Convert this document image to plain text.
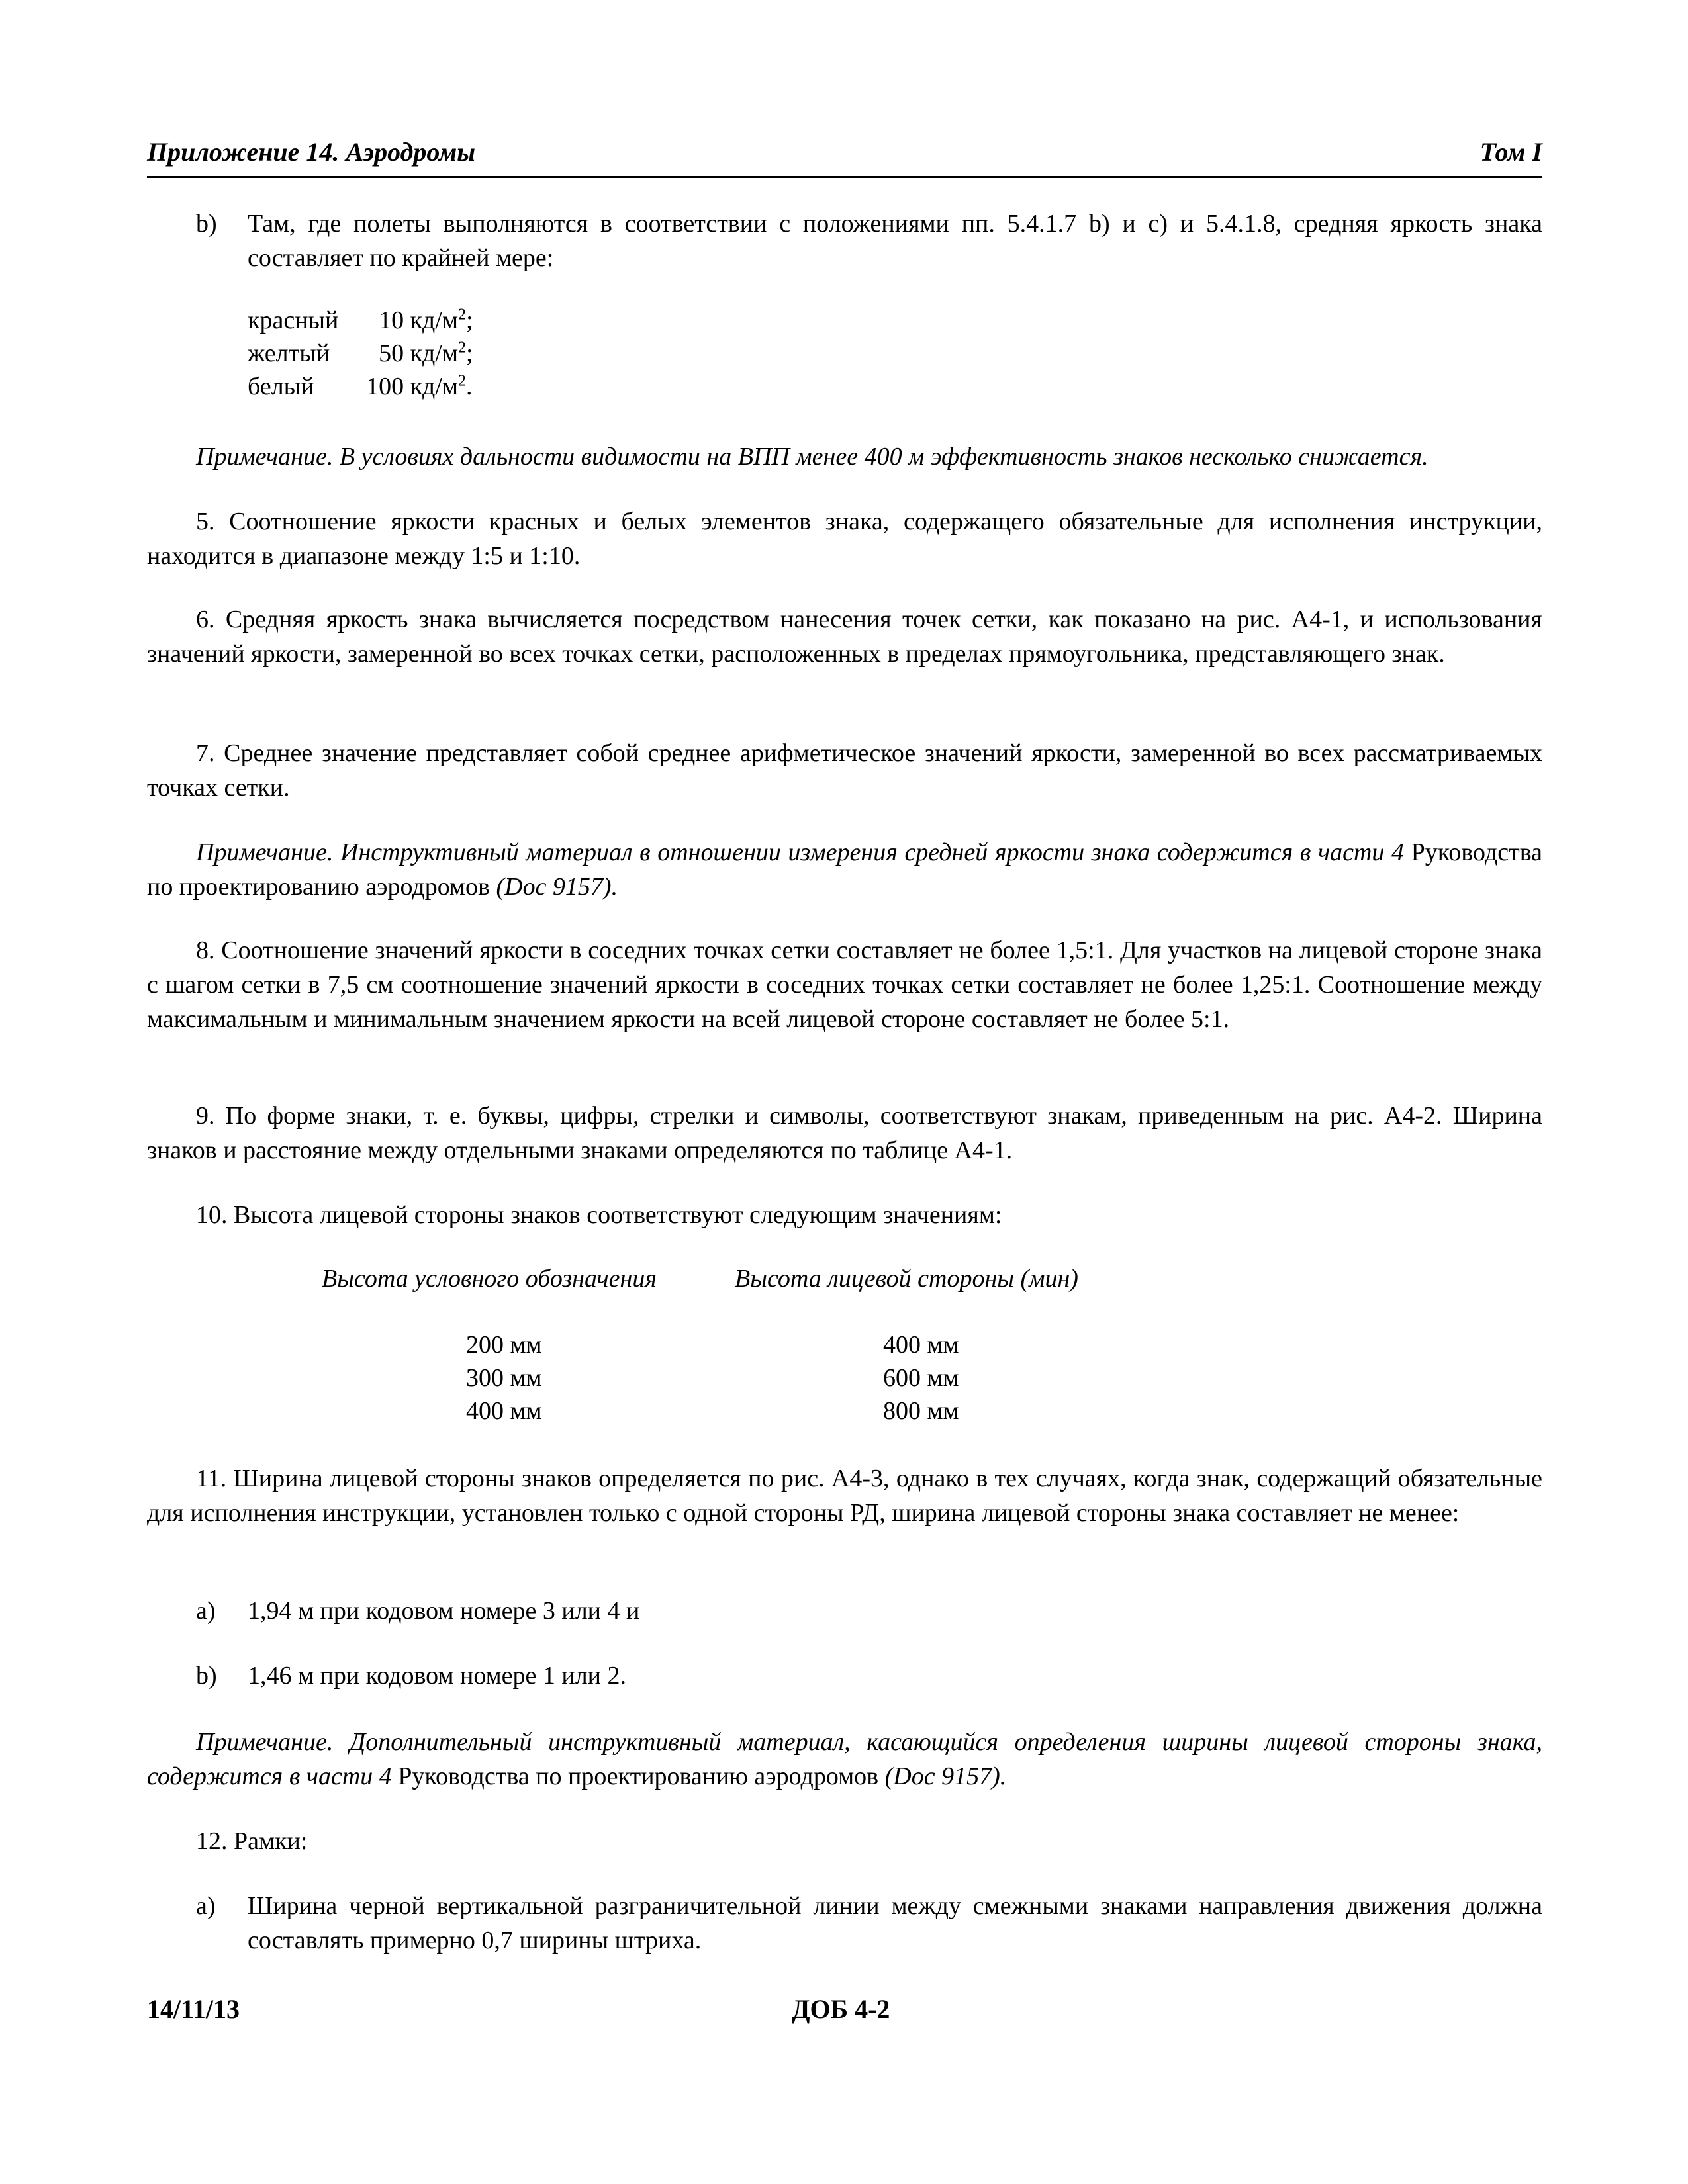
Приложение 14. Аэродромы	Том I
b) Там, где полеты выполняются в соответствии с положениями пп. 5.4.1.7 b) и c) и 5.4.1.8, средняя яркость знака составляет по крайней мере:
красный 10 $кд/м^2$ ;
желтый 50 $кд/м^2$ ;
белый 100 $кд/м^2$ .
Примечание. В условиях дальности видимости на ВПП менее 400 м эффективность знаков несколько снижается.
5. Соотношение яркости красных и белых элементов знака, содержащего обязательные для исполнения инструкции, находится в диапазоне между 1:5 и 1:10.
6. Средняя яркость знака вычисляется посредством нанесения точек сетки, как показано на рис. A4-1, и использования значений яркости, замеренной во всех точках сетки, расположенных в пределах прямоугольника, представляющего знак.
7. Среднее значение представляет собой среднее арифметическое значений яркости, замеренной во всех рассматриваемых точках сетки.
Примечание. Инструктивный материал в отношении измерения средней яркости знака содержится в части 4 Руководства по проектированию аэродромов (Doc 9157).
8. Соотношение значений яркости в соседних точках сетки составляет не более 1,5:1. Для участков на лицевой стороне знака с шагом сетки в 7,5 см соотношение значений яркости в соседних точках сетки составляет не более 1,25:1. Соотношение между максимальным и минимальным значением яркости на всей лицевой стороне составляет не более 5:1.
9. По форме знаки, т. е. буквы, цифры, стрелки и символы, соответствуют знакам, приведенным на рис. A4-2. Ширина знаков и расстояние между отдельными знаками определяются по таблице A4-1.
10. Высота лицевой стороны знаков соответствуют следующим значениям:
Высота условного обозначения	Высота лицевой стороны (мин)
200 мм	400 мм
300 мм	600 мм
400 мм	800 мм
11. Ширина лицевой стороны знаков определяется по рис. A4-3, однако в тех случаях, когда знак, содержащий обязательные для исполнения инструкции, установлен только с одной стороны РД, ширина лицевой стороны знака составляет не менее:
a) 1,94 м при кодовом номере 3 или 4 и
b) 1,46 м при кодовом номере 1 или 2.
Примечание. Дополнительный инструктивный материал, касающийся определения ширины лицевой стороны знака, содержится в части 4 Руководства по проектированию аэродромов (Doc 9157).
12. Рамки:
a) Ширина черной вертикальной разграничительной линии между смежными знаками направления движения должна составлять примерно 0,7 ширины штриха.
14/11/13	ДОБ 4-2
